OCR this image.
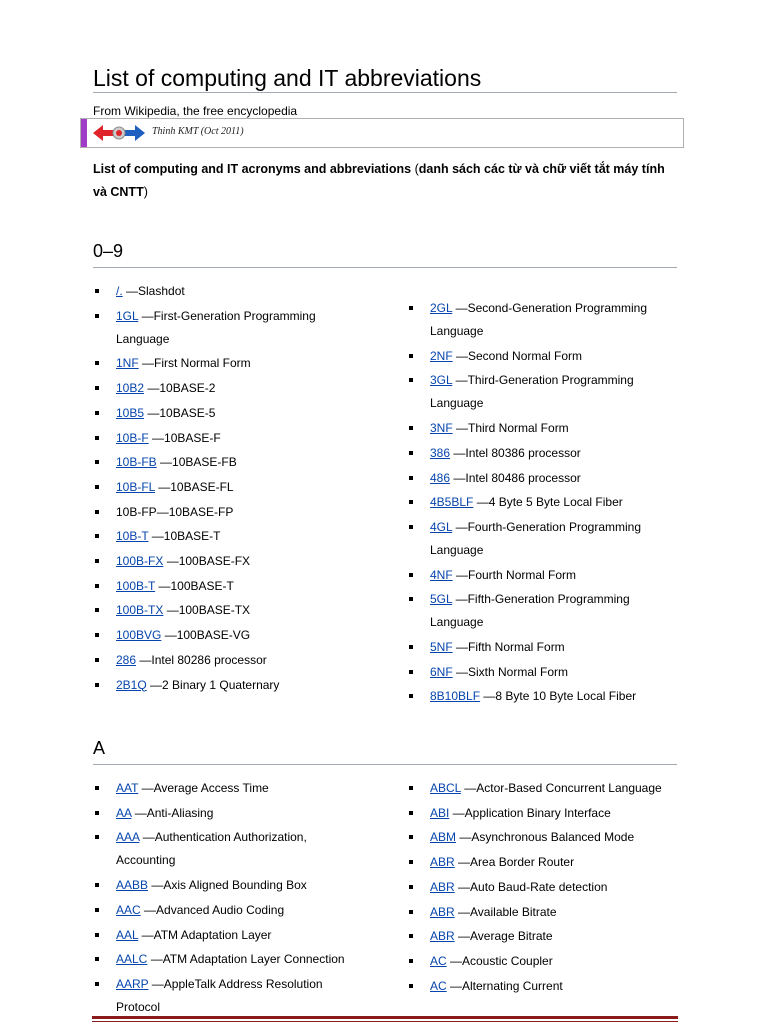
List of computing and IT abbreviations
From Wikipedia, the free encyclopedia
Thinh KMT (Oct 2011)
List of computing and IT acronyms and abbreviations (danh sách các từ và chữ viết tắt máy tính và CNTT)
0–9
/. —Slashdot
1GL —First-Generation Programming
Language
1NF —First Normal Form
10B2 —10BASE-2
10B5 —10BASE-5
10B-F —10BASE-F
10B-FB —10BASE-FB
10B-FL —10BASE-FL
10B-FP—10BASE-FP
10B-T —10BASE-T
100B-FX —100BASE-FX
100B-T —100BASE-T
100B-TX —100BASE-TX
100BVG —100BASE-VG
286 —Intel 80286 processor
2B1Q —2 Binary 1 Quaternary
2GL —Second-Generation Programming
Language
2NF —Second Normal Form
3GL —Third-Generation Programming
Language
3NF —Third Normal Form
386 —Intel 80386 processor
486 —Intel 80486 processor
4B5BLF —4 Byte 5 Byte Local Fiber
4GL —Fourth-Generation Programming
Language
4NF —Fourth Normal Form
5GL —Fifth-Generation Programming
Language
5NF —Fifth Normal Form
6NF —Sixth Normal Form
8B10BLF —8 Byte 10 Byte Local Fiber
A
AAT —Average Access Time
AA —Anti-Aliasing
AAA —Authentication Authorization,
Accounting
AABB —Axis Aligned Bounding Box
AAC —Advanced Audio Coding
AAL —ATM Adaptation Layer
AALC —ATM Adaptation Layer Connection
AARP —AppleTalk Address Resolution
Protocol
ABCL —Actor-Based Concurrent Language
ABI —Application Binary Interface
ABM —Asynchronous Balanced Mode
ABR —Area Border Router
ABR —Auto Baud-Rate detection
ABR —Available Bitrate
ABR —Average Bitrate
AC —Acoustic Coupler
AC —Alternating Current
